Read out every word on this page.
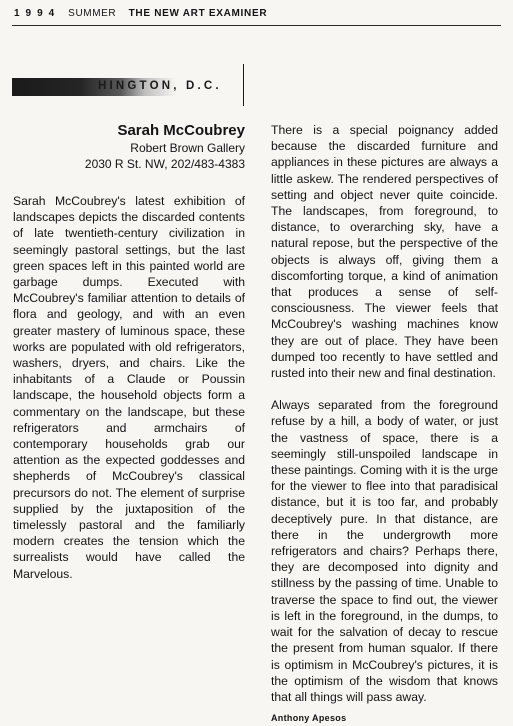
1 9 9 4 SUMMER THE NEW ART EXAMINER
HINGTON, D.C.
Sarah McCoubrey
Robert Brown Gallery
2030 R St. NW, 202/483-4383

Sarah McCoubrey's latest exhibition of landscapes depicts the discarded contents of late twentieth-century civilization in seemingly pastoral settings, but the last green spaces left in this painted world are garbage dumps. Executed with McCoubrey's familiar attention to details of flora and geology, and with an even greater mastery of luminous space, these works are populated with old refrigerators, washers, dryers, and chairs. Like the inhabitants of a Claude or Poussin landscape, the household objects form a commentary on the landscape, but these refrigerators and armchairs of contemporary households grab our attention as the expected goddesses and shepherds of McCoubrey's classical precursors do not. The element of surprise supplied by the juxtaposition of the timelessly pastoral and the familiarly modern creates the tension which the surrealists would have called the Marvelous.

There is a special poignancy added because the discarded furniture and appliances in these pictures are always a little askew. The rendered perspectives of setting and object never quite coincide. The landscapes, from foreground, to distance, to overarching sky, have a natural repose, but the perspective of the objects is always off, giving them a discomforting torque, a kind of animation that produces a sense of self-consciousness. The viewer feels that McCoubrey's washing machines know they are out of place. They have been dumped too recently to have settled and rusted into their new and final destination.

Always separated from the foreground refuse by a hill, a body of water, or just the vastness of space, there is a seemingly still-unspoiled landscape in these paintings. Coming with it is the urge for the viewer to flee into that paradisical distance, but it is too far, and probably deceptively pure. In that distance, are there in the undergrowth more refrigerators and chairs? Perhaps there, they are decomposed into dignity and stillness by the passing of time. Unable to traverse the space to find out, the viewer is left in the foreground, in the dumps, to wait for the salvation of decay to rescue the present from human squalor. If there is optimism in McCoubrey's pictures, it is the optimism of the wisdom that knows that all things will pass away.

Anthony Apesos
